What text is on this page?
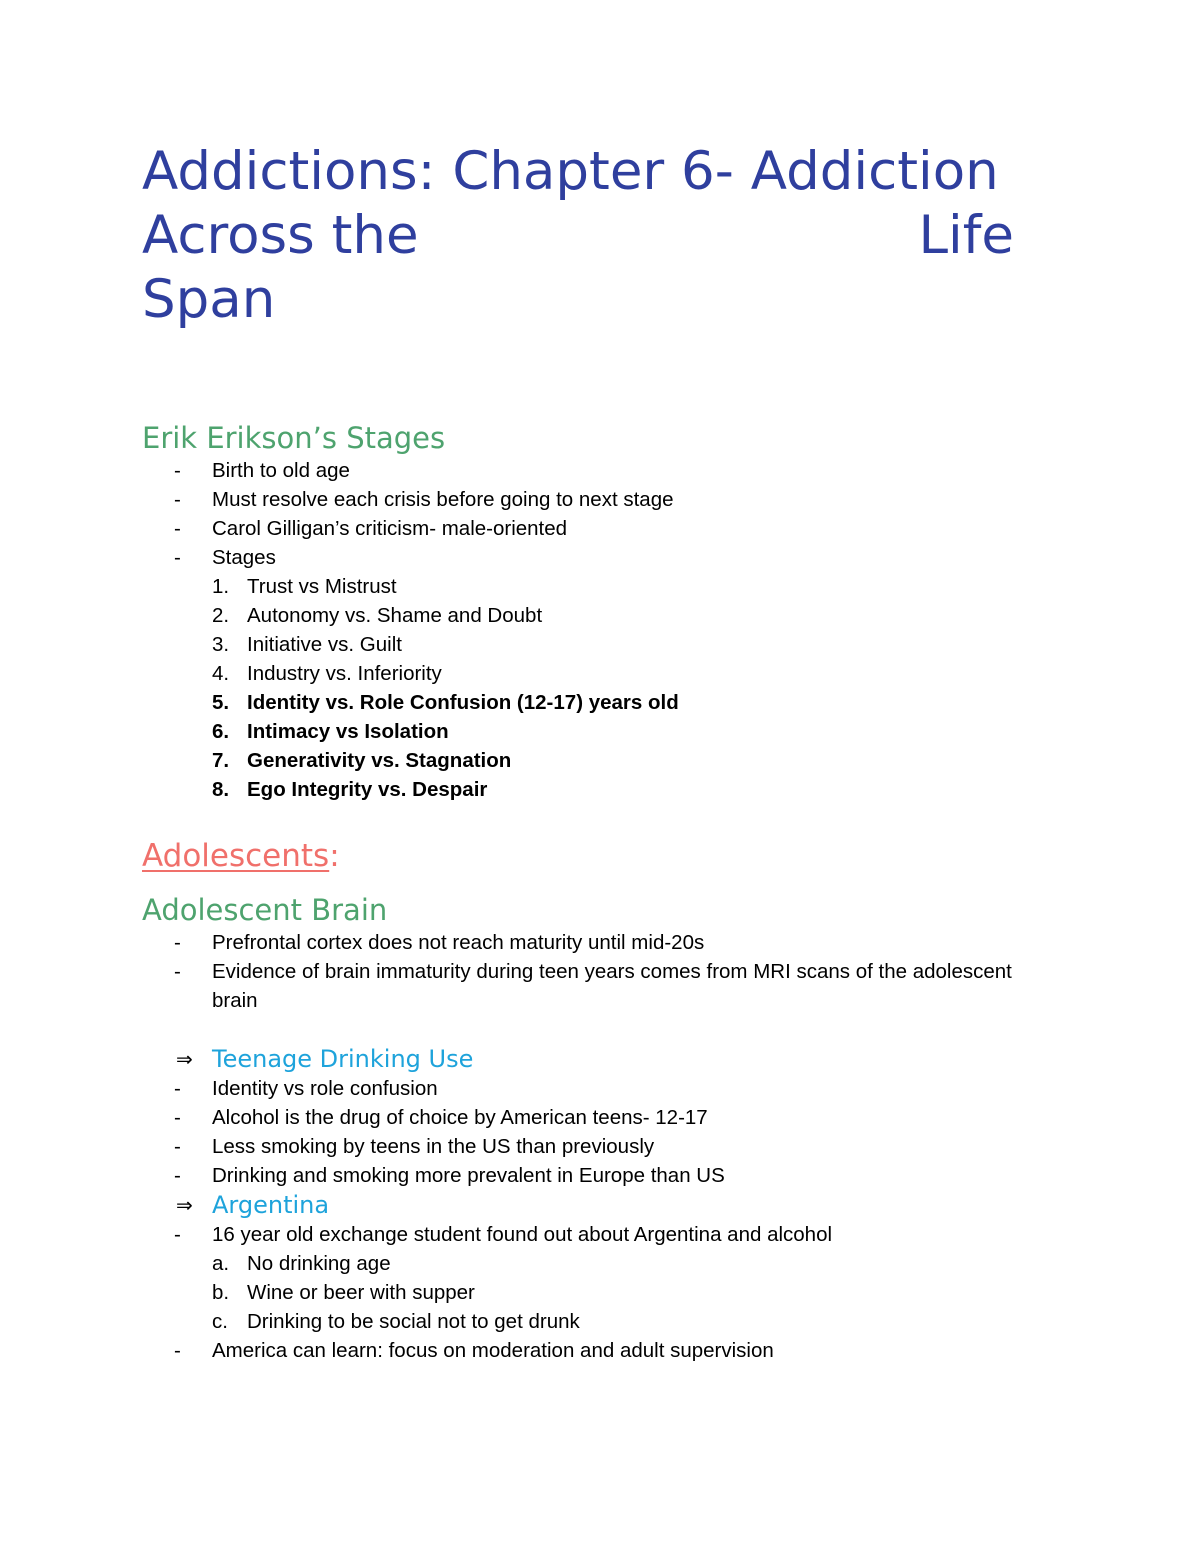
Addictions: Chapter 6- Addiction
Across the	Life
Span
Erik Erikson’s Stages
-	Birth to old age
-	Must resolve each crisis before going to next stage
-	Carol Gilligan’s criticism- male-oriented
-	Stages
1. Trust vs Mistrust
2. Autonomy vs. Shame and Doubt
3. Initiative vs. Guilt
4. Industry vs. Inferiority
5. Identity vs. Role Confusion (12-17) years old
6. Intimacy vs Isolation
7. Generativity vs. Stagnation
8. Ego Integrity vs. Despair
Adolescents:
Adolescent Brain
-	Prefrontal cortex does not reach maturity until mid-20s
-	Evidence of brain immaturity during teen years comes from MRI scans of the adolescent brain
⇒ Teenage Drinking Use
-	Identity vs role confusion
-	Alcohol is the drug of choice by American teens- 12-17
-	Less smoking by teens in the US than previously
-	Drinking and smoking more prevalent in Europe than US
⇒ Argentina
-	16 year old exchange student found out about Argentina and alcohol
a. No drinking age
b. Wine or beer with supper
c. Drinking to be social not to get drunk
-	America can learn: focus on moderation and adult supervision
